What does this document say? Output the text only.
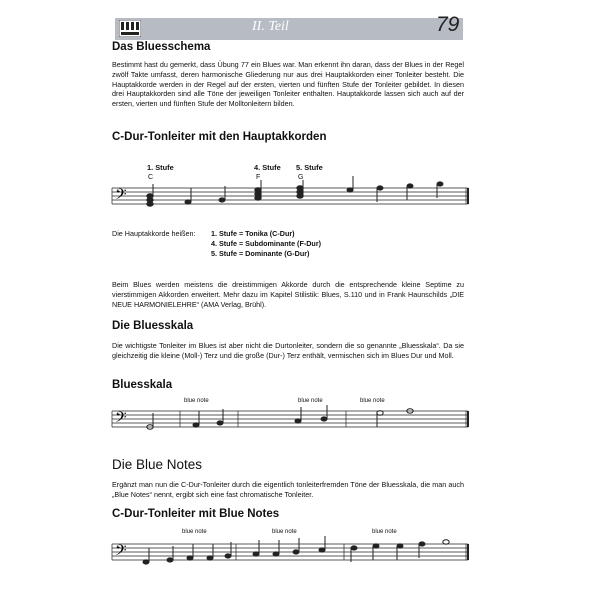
II. Teil	79
Das Bluesschema

Bestimmt hast du gemerkt, dass Übung 77 ein Blues war. Man erkennt ihn daran, dass der Blues in der Regel zwölf Takte umfasst, deren harmonische Gliederung nur aus drei Hauptakkorden einer Tonleiter besteht. Die Hauptakkorde werden in der Regel auf der ersten, vierten und fünften Stufe der Tonleiter gebildet. In diesen drei Hauptakkorden sind alle Töne der jeweiligen Tonleiter enthalten. Hauptakkorde lassen sich auch auf der ersten, vierten und fünften Stufe der Molltonleitern bilden.

C-Dur-Tonleiter mit den Hauptakkorden
𝄢
1. Stufe
C
4. Stufe
F
5. Stufe
G
Die Hauptakkorde heißen: 1. Stufe = Tonika (C-Dur)
4. Stufe = Subdominante (F-Dur)
5. Stufe = Dominante (G-Dur)

Beim Blues werden meistens die dreistimmigen Akkorde durch die entsprechende kleine Septime zu vierstimmigen Akkorden erweitert. Mehr dazu im Kapitel Stilistik: Blues, S.110 und in Frank Haunschilds „DIE NEUE HARMONIELEHRE“ (AMA Verlag, Brühl).

Die Bluesskala

Die wichtigste Tonleiter im Blues ist aber nicht die Durtonleiter, sondern die so genannte „Bluesskala“. Da sie gleichzeitig die kleine (Moll-) Terz und die große (Dur-) Terz enthält, vermischen sich im Blues Dur und Moll.

Bluesskala
𝄢
blue note	blue note	blue note
Die Blue Notes

Ergänzt man nun die C-Dur-Tonleiter durch die eigentlich tonleiterfremden Töne der Bluesskala, die man auch „Blue Notes“ nennt, ergibt sich eine fast chromatische Tonleiter.

C-Dur-Tonleiter mit Blue Notes
𝄢
blue note	blue note	blue note
